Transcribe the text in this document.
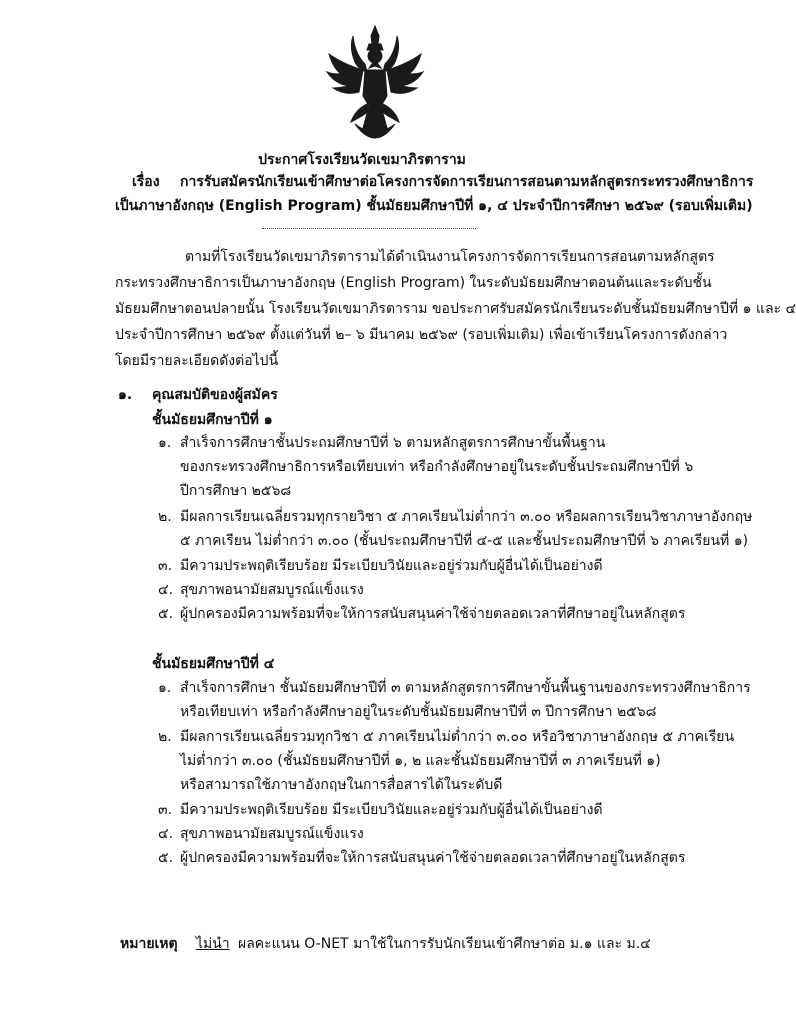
ประกาศโรงเรียนวัดเขมาภิรตาราม
เรื่อง การรับสมัครนักเรียนเข้าศึกษาต่อโครงการจัดการเรียนการสอนตามหลักสูตรกระทรวงศึกษาธิการ
เป็นภาษาอังกฤษ (English Program) ชั้นมัธยมศึกษาปีที่ ๑, ๔ ประจำปีการศึกษา ๒๕๖๙ (รอบเพิ่มเติม)
ตามที่โรงเรียนวัดเขมาภิรตารามได้ดำเนินงานโครงการจัดการเรียนการสอนตามหลักสูตร
กระทรวงศึกษาธิการเป็นภาษาอังกฤษ (English Program) ในระดับมัธยมศึกษาตอนต้นและระดับชั้น
มัธยมศึกษาตอนปลายนั้น โรงเรียนวัดเขมาภิรตาราม ขอประกาศรับสมัครนักเรียนระดับชั้นมัธยมศึกษาปีที่ ๑ และ ๔
ประจำปีการศึกษา ๒๕๖๙ ตั้งแต่วันที่ ๒– ๖ มีนาคม ๒๕๖๙ (รอบเพิ่มเติม) เพื่อเข้าเรียนโครงการดังกล่าว
โดยมีรายละเอียดดังต่อไปนี้
๑. คุณสมบัติของผู้สมัคร
ชั้นมัธยมศึกษาปีที่ ๑
๑. สำเร็จการศึกษาชั้นประถมศึกษาปีที่ ๖ ตามหลักสูตรการศึกษาขั้นพื้นฐาน
ของกระทรวงศึกษาธิการหรือเทียบเท่า หรือกำลังศึกษาอยู่ในระดับชั้นประถมศึกษาปีที่ ๖
ปีการศึกษา ๒๕๖๘
๒. มีผลการเรียนเฉลี่ยรวมทุกรายวิชา ๕ ภาคเรียนไม่ต่ำกว่า ๓.๐๐ หรือผลการเรียนวิชาภาษาอังกฤษ
๕ ภาคเรียน ไม่ต่ำกว่า ๓.๐๐ (ชั้นประถมศึกษาปีที่ ๔-๕ และชั้นประถมศึกษาปีที่ ๖ ภาคเรียนที่ ๑)
๓. มีความประพฤติเรียบร้อย มีระเบียบวินัยและอยู่ร่วมกับผู้อื่นได้เป็นอย่างดี
๔. สุขภาพอนามัยสมบูรณ์แข็งแรง
๕. ผู้ปกครองมีความพร้อมที่จะให้การสนับสนุนค่าใช้จ่ายตลอดเวลาที่ศึกษาอยู่ในหลักสูตร
ชั้นมัธยมศึกษาปีที่ ๔
๑. สำเร็จการศึกษา ชั้นมัธยมศึกษาปีที่ ๓ ตามหลักสูตรการศึกษาขั้นพื้นฐานของกระทรวงศึกษาธิการ
หรือเทียบเท่า หรือกำลังศึกษาอยู่ในระดับชั้นมัธยมศึกษาปีที่ ๓ ปีการศึกษา ๒๕๖๘
๒. มีผลการเรียนเฉลี่ยรวมทุกวิชา ๕ ภาคเรียนไม่ต่ำกว่า ๓.๐๐ หรือวิชาภาษาอังกฤษ ๕ ภาคเรียน
ไม่ต่ำกว่า ๓.๐๐ (ชั้นมัธยมศึกษาปีที่ ๑, ๒ และชั้นมัธยมศึกษาปีที่ ๓ ภาคเรียนที่ ๑)
หรือสามารถใช้ภาษาอังกฤษในการสื่อสารได้ในระดับดี
๓. มีความประพฤติเรียบร้อย มีระเบียบวินัยและอยู่ร่วมกับผู้อื่นได้เป็นอย่างดี
๔. สุขภาพอนามัยสมบูรณ์แข็งแรง
๕. ผู้ปกครองมีความพร้อมที่จะให้การสนับสนุนค่าใช้จ่ายตลอดเวลาที่ศึกษาอยู่ในหลักสูตร
หมายเหตุ ไม่นำ ผลคะแนน O-NET มาใช้ในการรับนักเรียนเข้าศึกษาต่อ ม.๑ และ ม.๔
